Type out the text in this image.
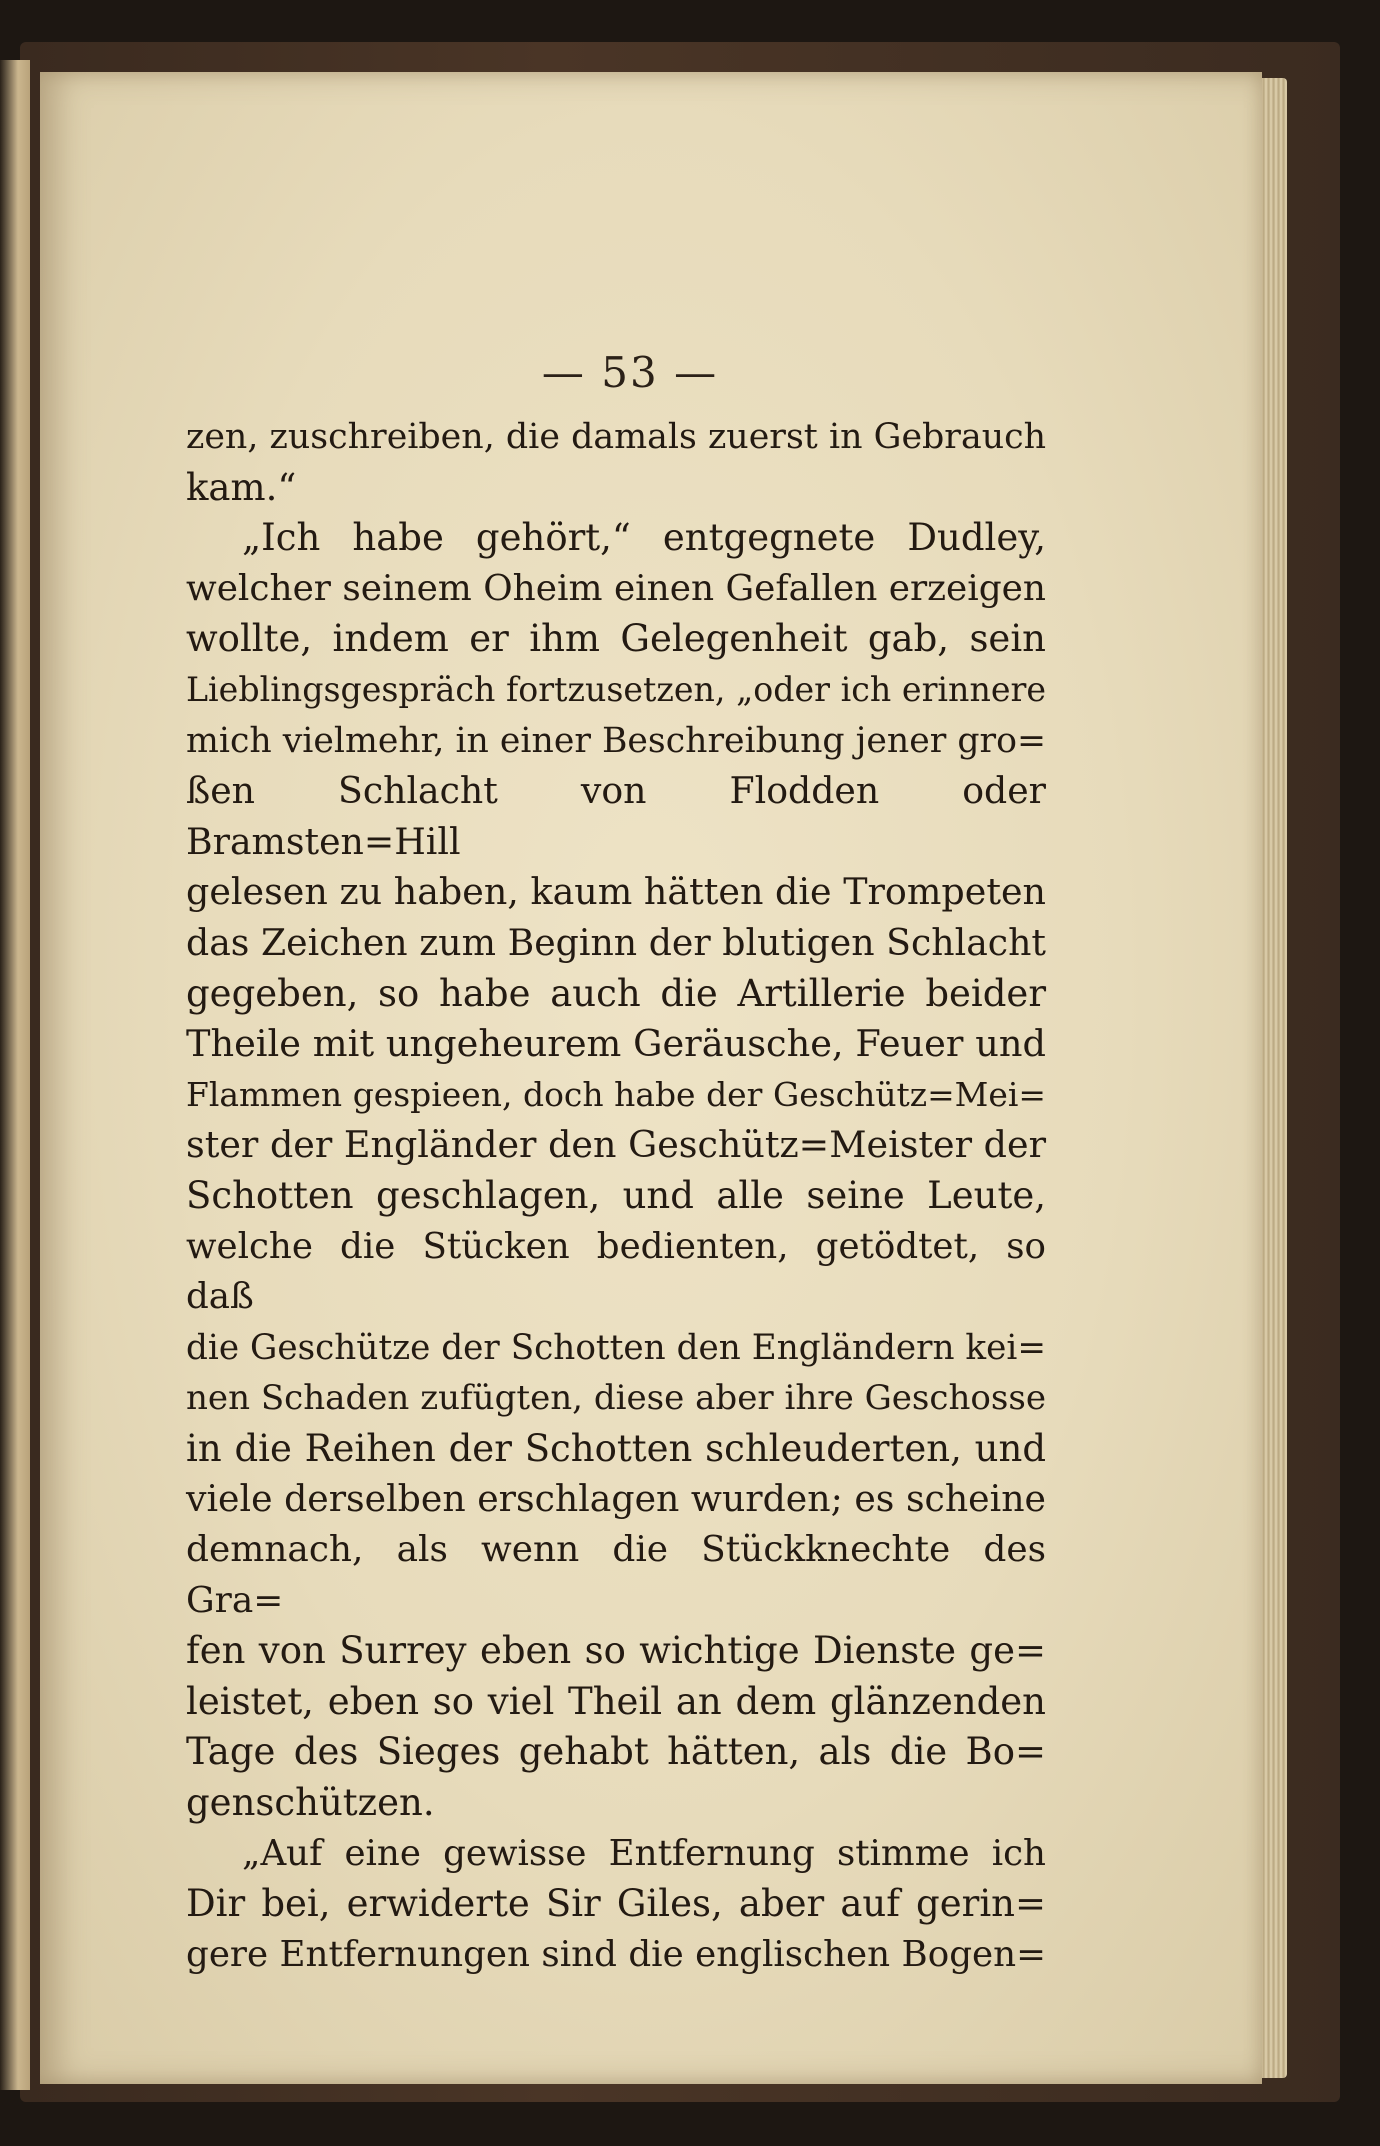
— 53 —
zen, zuschreiben, die damals zuerst in Gebrauch
kam.“
„Ich habe gehört,“ entgegnete Dudley,
welcher seinem Oheim einen Gefallen erzeigen
wollte, indem er ihm Gelegenheit gab, sein
Lieblingsgespräch fortzusetzen, „oder ich erinnere
mich vielmehr, in einer Beschreibung jener gro=
ßen Schlacht von Flodden oder Bramsten=Hill
gelesen zu haben, kaum hätten die Trompeten
das Zeichen zum Beginn der blutigen Schlacht
gegeben, so habe auch die Artillerie beider
Theile mit ungeheurem Geräusche, Feuer und
Flammen gespieen, doch habe der Geschütz=Mei=
ster der Engländer den Geschütz=Meister der
Schotten geschlagen, und alle seine Leute,
welche die Stücken bedienten, getödtet, so daß
die Geschütze der Schotten den Engländern kei=
nen Schaden zufügten, diese aber ihre Geschosse
in die Reihen der Schotten schleuderten, und
viele derselben erschlagen wurden; es scheine
demnach, als wenn die Stückknechte des Gra=
fen von Surrey eben so wichtige Dienste ge=
leistet, eben so viel Theil an dem glänzenden
Tage des Sieges gehabt hätten, als die Bo=
genschützen.
„Auf eine gewisse Entfernung stimme ich
Dir bei, erwiderte Sir Giles, aber auf gerin=
gere Entfernungen sind die englischen Bogen=
